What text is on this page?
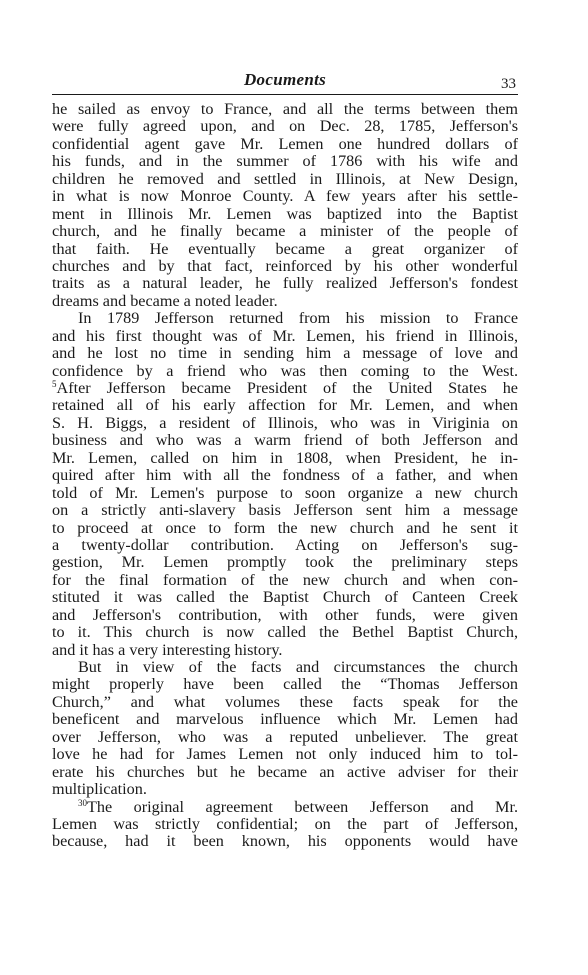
Documents	33
he sailed as envoy to France, and all the terms between them
were fully agreed upon, and on Dec. 28, 1785, Jefferson's
confidential agent gave Mr. Lemen one hundred dollars of
his funds, and in the summer of 1786 with his wife and
children he removed and settled in Illinois, at New Design,
in what is now Monroe County. A few years after his settle-
ment in Illinois Mr. Lemen was baptized into the Baptist
church, and he finally became a minister of the people of
that faith. He eventually became a great organizer of
churches and by that fact, reinforced by his other wonderful
traits as a natural leader, he fully realized Jefferson's fondest
dreams and became a noted leader.
In 1789 Jefferson returned from his mission to France
and his first thought was of Mr. Lemen, his friend in Illinois,
and he lost no time in sending him a message of love and
confidence by a friend who was then coming to the West.
$^5$After Jefferson became President of the United States he
retained all of his early affection for Mr. Lemen, and when
S. H. Biggs, a resident of Illinois, who was in Viriginia on
business and who was a warm friend of both Jefferson and
Mr. Lemen, called on him in 1808, when President, he in-
quired after him with all the fondness of a father, and when
told of Mr. Lemen's purpose to soon organize a new church
on a strictly anti-slavery basis Jefferson sent him a message
to proceed at once to form the new church and he sent it
a twenty-dollar contribution. Acting on Jefferson's sug-
gestion, Mr. Lemen promptly took the preliminary steps
for the final formation of the new church and when con-
stituted it was called the Baptist Church of Canteen Creek
and Jefferson's contribution, with other funds, were given
to it. This church is now called the Bethel Baptist Church,
and it has a very interesting history.
But in view of the facts and circumstances the church
might properly have been called the “Thomas Jefferson
Church,” and what volumes these facts speak for the
beneficent and marvelous influence which Mr. Lemen had
over Jefferson, who was a reputed unbeliever. The great
love he had for James Lemen not only induced him to tol-
erate his churches but he became an active adviser for their
multiplication.
$^{30}$The original agreement between Jefferson and Mr.
Lemen was strictly confidential; on the part of Jefferson,
because, had it been known, his opponents would have
